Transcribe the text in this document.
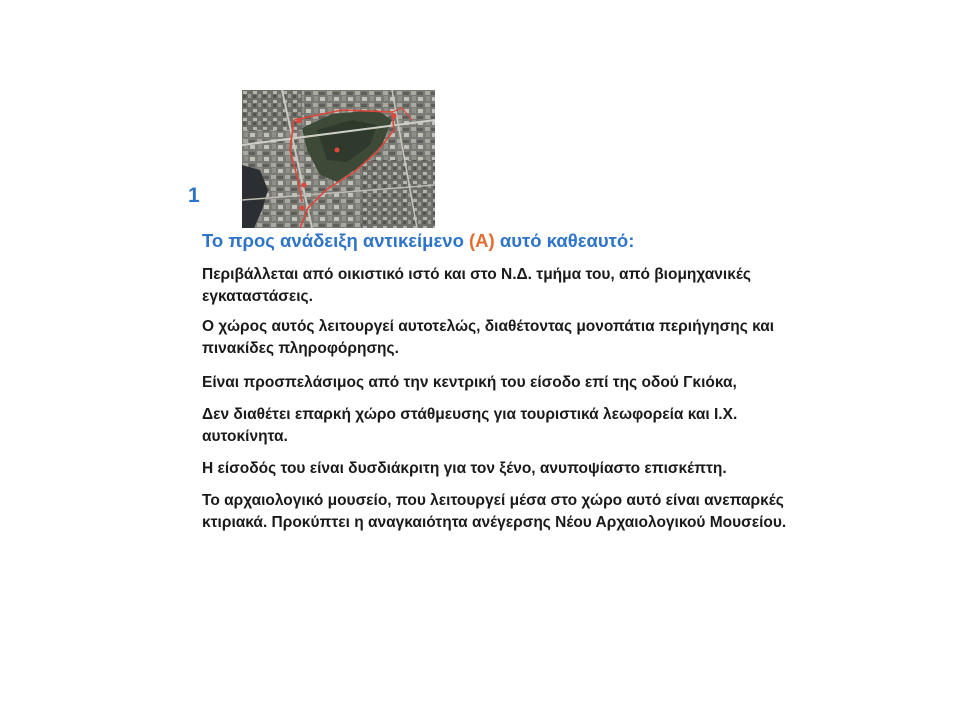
1
Το προς ανάδειξη αντικείμενο (Α) αυτό καθεαυτό:
Περιβάλλεται από οικιστικό ιστό και στο Ν.Δ. τμήμα του, από βιομηχανικές εγκαταστάσεις.
Ο χώρος αυτός λειτουργεί αυτοτελώς, διαθέτοντας μονοπάτια περιήγησης και πινακίδες πληροφόρησης.
Είναι προσπελάσιμος από την κεντρική του είσοδο επί της οδού Γκιόκα,
Δεν διαθέτει επαρκή χώρο στάθμευσης για τουριστικά λεωφορεία και Ι.Χ. αυτοκίνητα.
Η είσοδός του είναι δυσδιάκριτη για τον ξένο, ανυποψίαστο επισκέπτη.
Το αρχαιολογικό μουσείο, που λειτουργεί μέσα στο χώρο αυτό είναι ανεπαρκές κτιριακά. Προκύπτει η αναγκαιότητα ανέγερσης Νέου Αρχαιολογικού Μουσείου.
